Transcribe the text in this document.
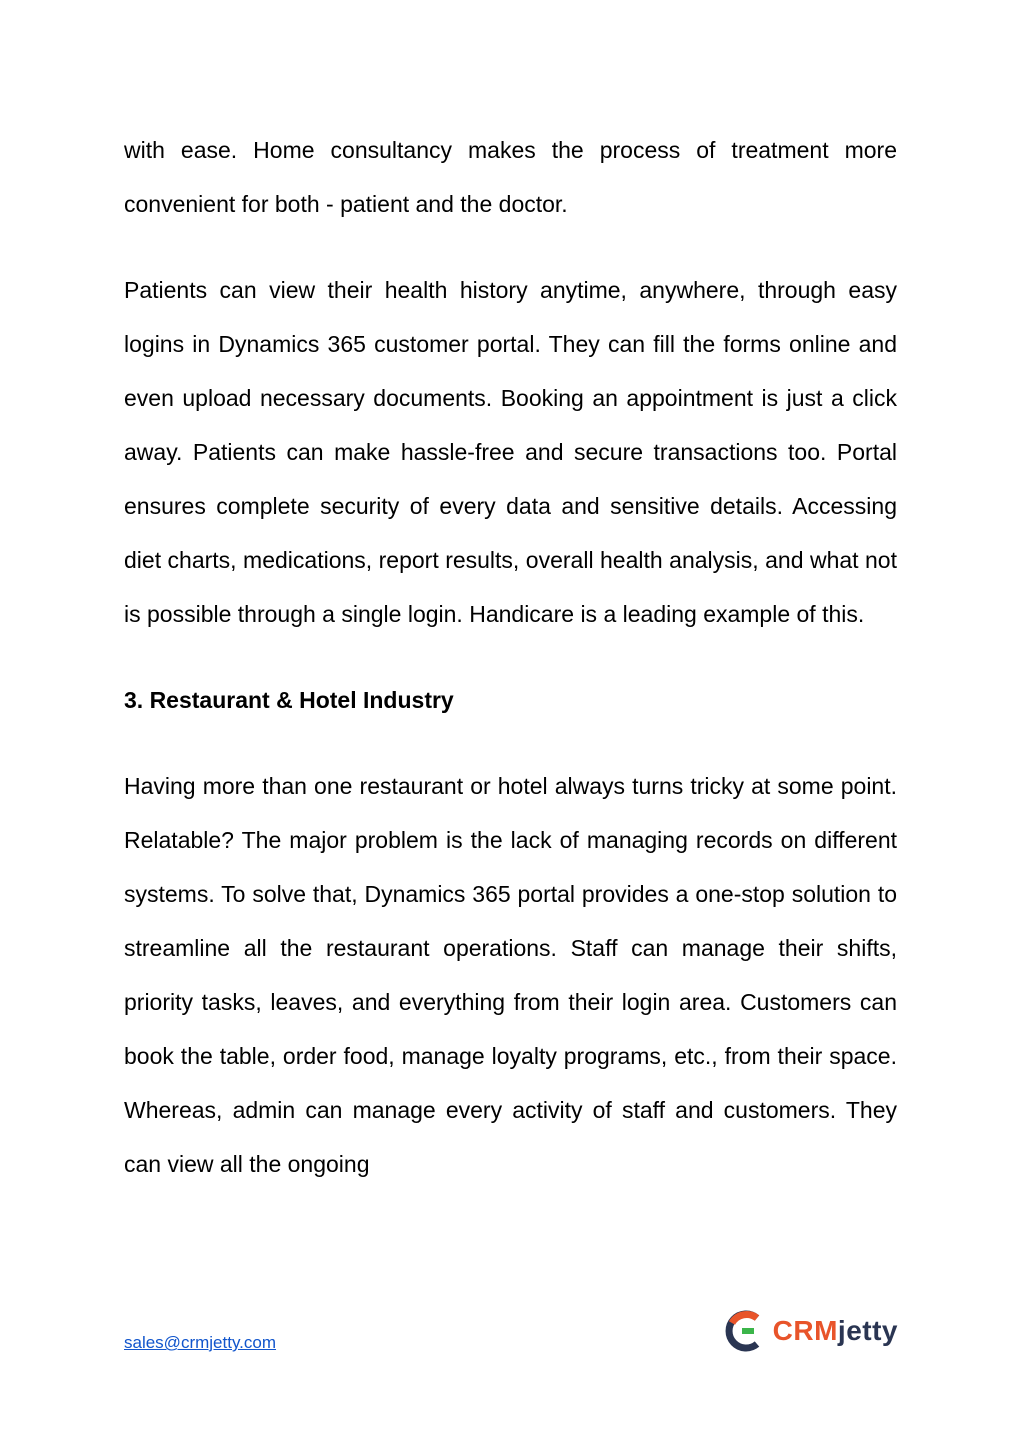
with ease. Home consultancy makes the process of treatment more convenient for both - patient and the doctor.

Patients can view their health history anytime, anywhere, through easy logins in Dynamics 365 customer portal. They can fill the forms online and even upload necessary documents. Booking an appointment is just a click away. Patients can make hassle-free and secure transactions too. Portal ensures complete security of every data and sensitive details. Accessing diet charts, medications, report results, overall health analysis, and what not is possible through a single login. Handicare is a leading example of this.

3. Restaurant & Hotel Industry

Having more than one restaurant or hotel always turns tricky at some point. Relatable? The major problem is the lack of managing records on different systems. To solve that, Dynamics 365 portal provides a one-stop solution to streamline all the restaurant operations. Staff can manage their shifts, priority tasks, leaves, and everything from their login area. Customers can book the table, order food, manage loyalty programs, etc., from their space. Whereas, admin can manage every activity of staff and customers. They can view all the ongoing

sales@crmjetty.com	CRMjetty
